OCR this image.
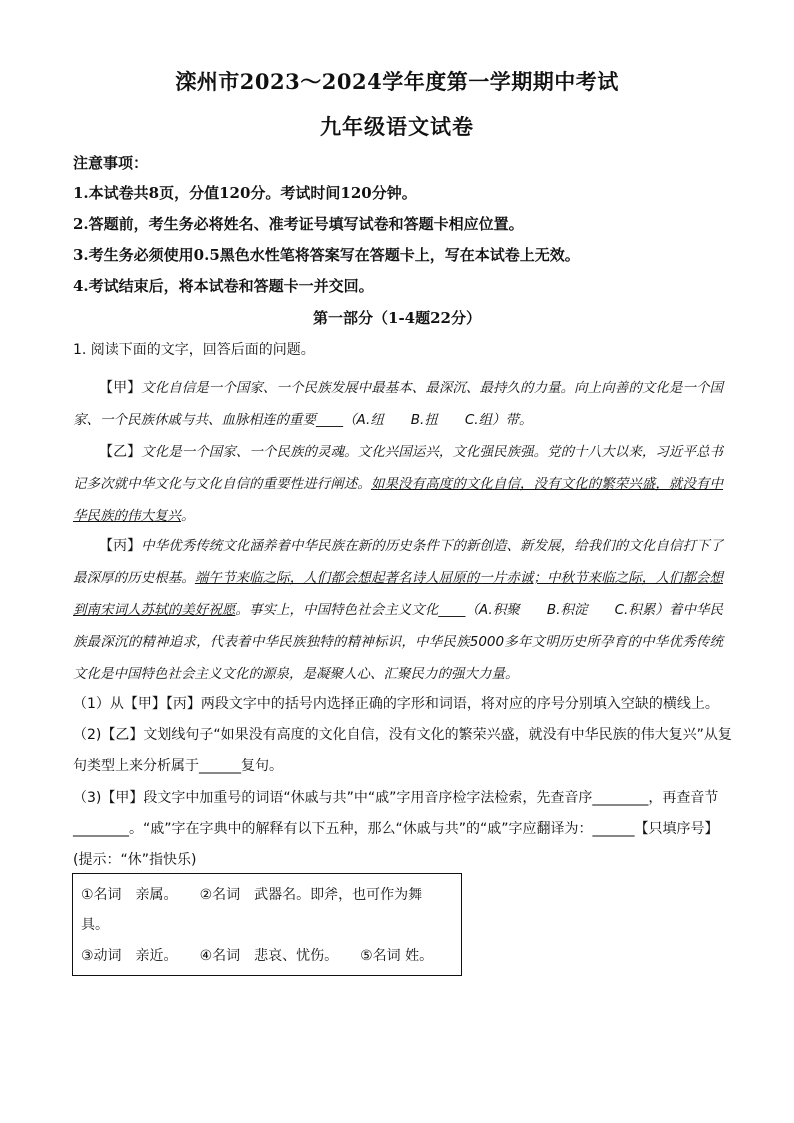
滦州市2023～2024学年度第一学期期中考试
九年级语文试卷
注意事项：
1.本试卷共8页，分值120分。考试时间120分钟。
2.答题前，考生务必将姓名、准考证号填写试卷和答题卡相应位置。
3.考生务必须使用0.5黑色水性笔将答案写在答题卡上，写在本试卷上无效。
4.考试结束后，将本试卷和答题卡一并交回。
第一部分（1-4题22分）
1. 阅读下面的文字，回答后面的问题。
【甲】文化自信是一个国家、一个民族发展中最基本、最深沉、最持久的力量。向上向善的文化是一个国家、一个民族休戚与共、血脉相连的重要____（A.纽　　B.扭　　C.组）带。
【乙】文化是一个国家、一个民族的灵魂。文化兴国运兴，文化强民族强。党的十八大以来，习近平总书记多次就中华文化与文化自信的重要性进行阐述。如果没有高度的文化自信，没有文化的繁荣兴盛，就没有中华民族的伟大复兴。
【丙】中华优秀传统文化涵养着中华民族在新的历史条件下的新创造、新发展，给我们的文化自信打下了最深厚的历史根基。端午节来临之际，人们都会想起著名诗人屈原的一片赤诚；中秋节来临之际，人们都会想到南宋词人苏轼的美好祝愿。事实上，中国特色社会主义文化____（A.积聚　　B.积淀　　C.积累）着中华民族最深沉的精神追求，代表着中华民族独特的精神标识，中华民族5000多年文明历史所孕育的中华优秀传统文化是中国特色社会主义文化的源泉，是凝聚人心、汇聚民力的强大力量。
（1）从【甲】【丙】两段文字中的括号内选择正确的字形和词语，将对应的序号分别填入空缺的横线上。
（2)【乙】文划线句子“如果没有高度的文化自信，没有文化的繁荣兴盛，就没有中华民族的伟大复兴”从复句类型上来分析属于______复句。
（3)【甲】段文字中加重号的词语“休戚与共”中“戚”字用音序检字法检索，先查音序________，再查音节________。“戚”字在字典中的解释有以下五种，那么“休戚与共”的“戚”字应翻译为：______【只填序号】(提示：“休”指快乐)
①名词　亲属。 ②名词　武器名。即斧，也可作为舞
具。
③动词　亲近。 ④名词　悲哀、忧伤。 ⑤名词 姓。
